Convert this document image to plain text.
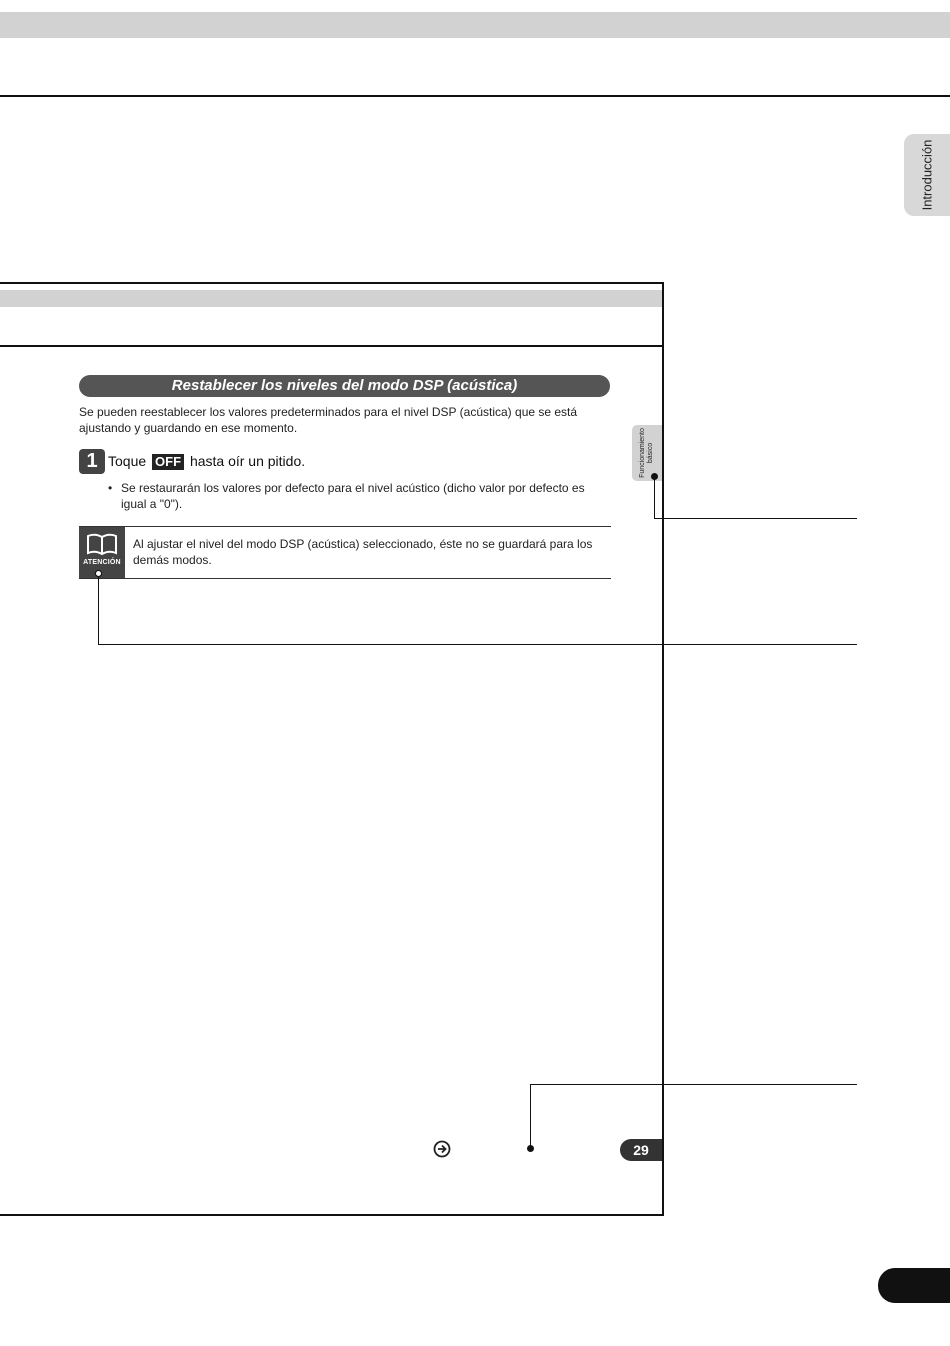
Introducción
Restablecer los niveles del modo DSP (acústica)
Se pueden reestablecer los valores predeterminados para el nivel DSP (acústica) que se está ajustando y guardando en ese momento.
1 Toque OFF hasta oír un pitido.
• Se restaurarán los valores por defecto para el nivel acústico (dicho valor por defecto es igual a "0").
ATENCIÓN
Al ajustar el nivel del modo DSP (acústica) seleccionado, éste no se guardará para los demás modos.
Funcionamiento
básico
29
